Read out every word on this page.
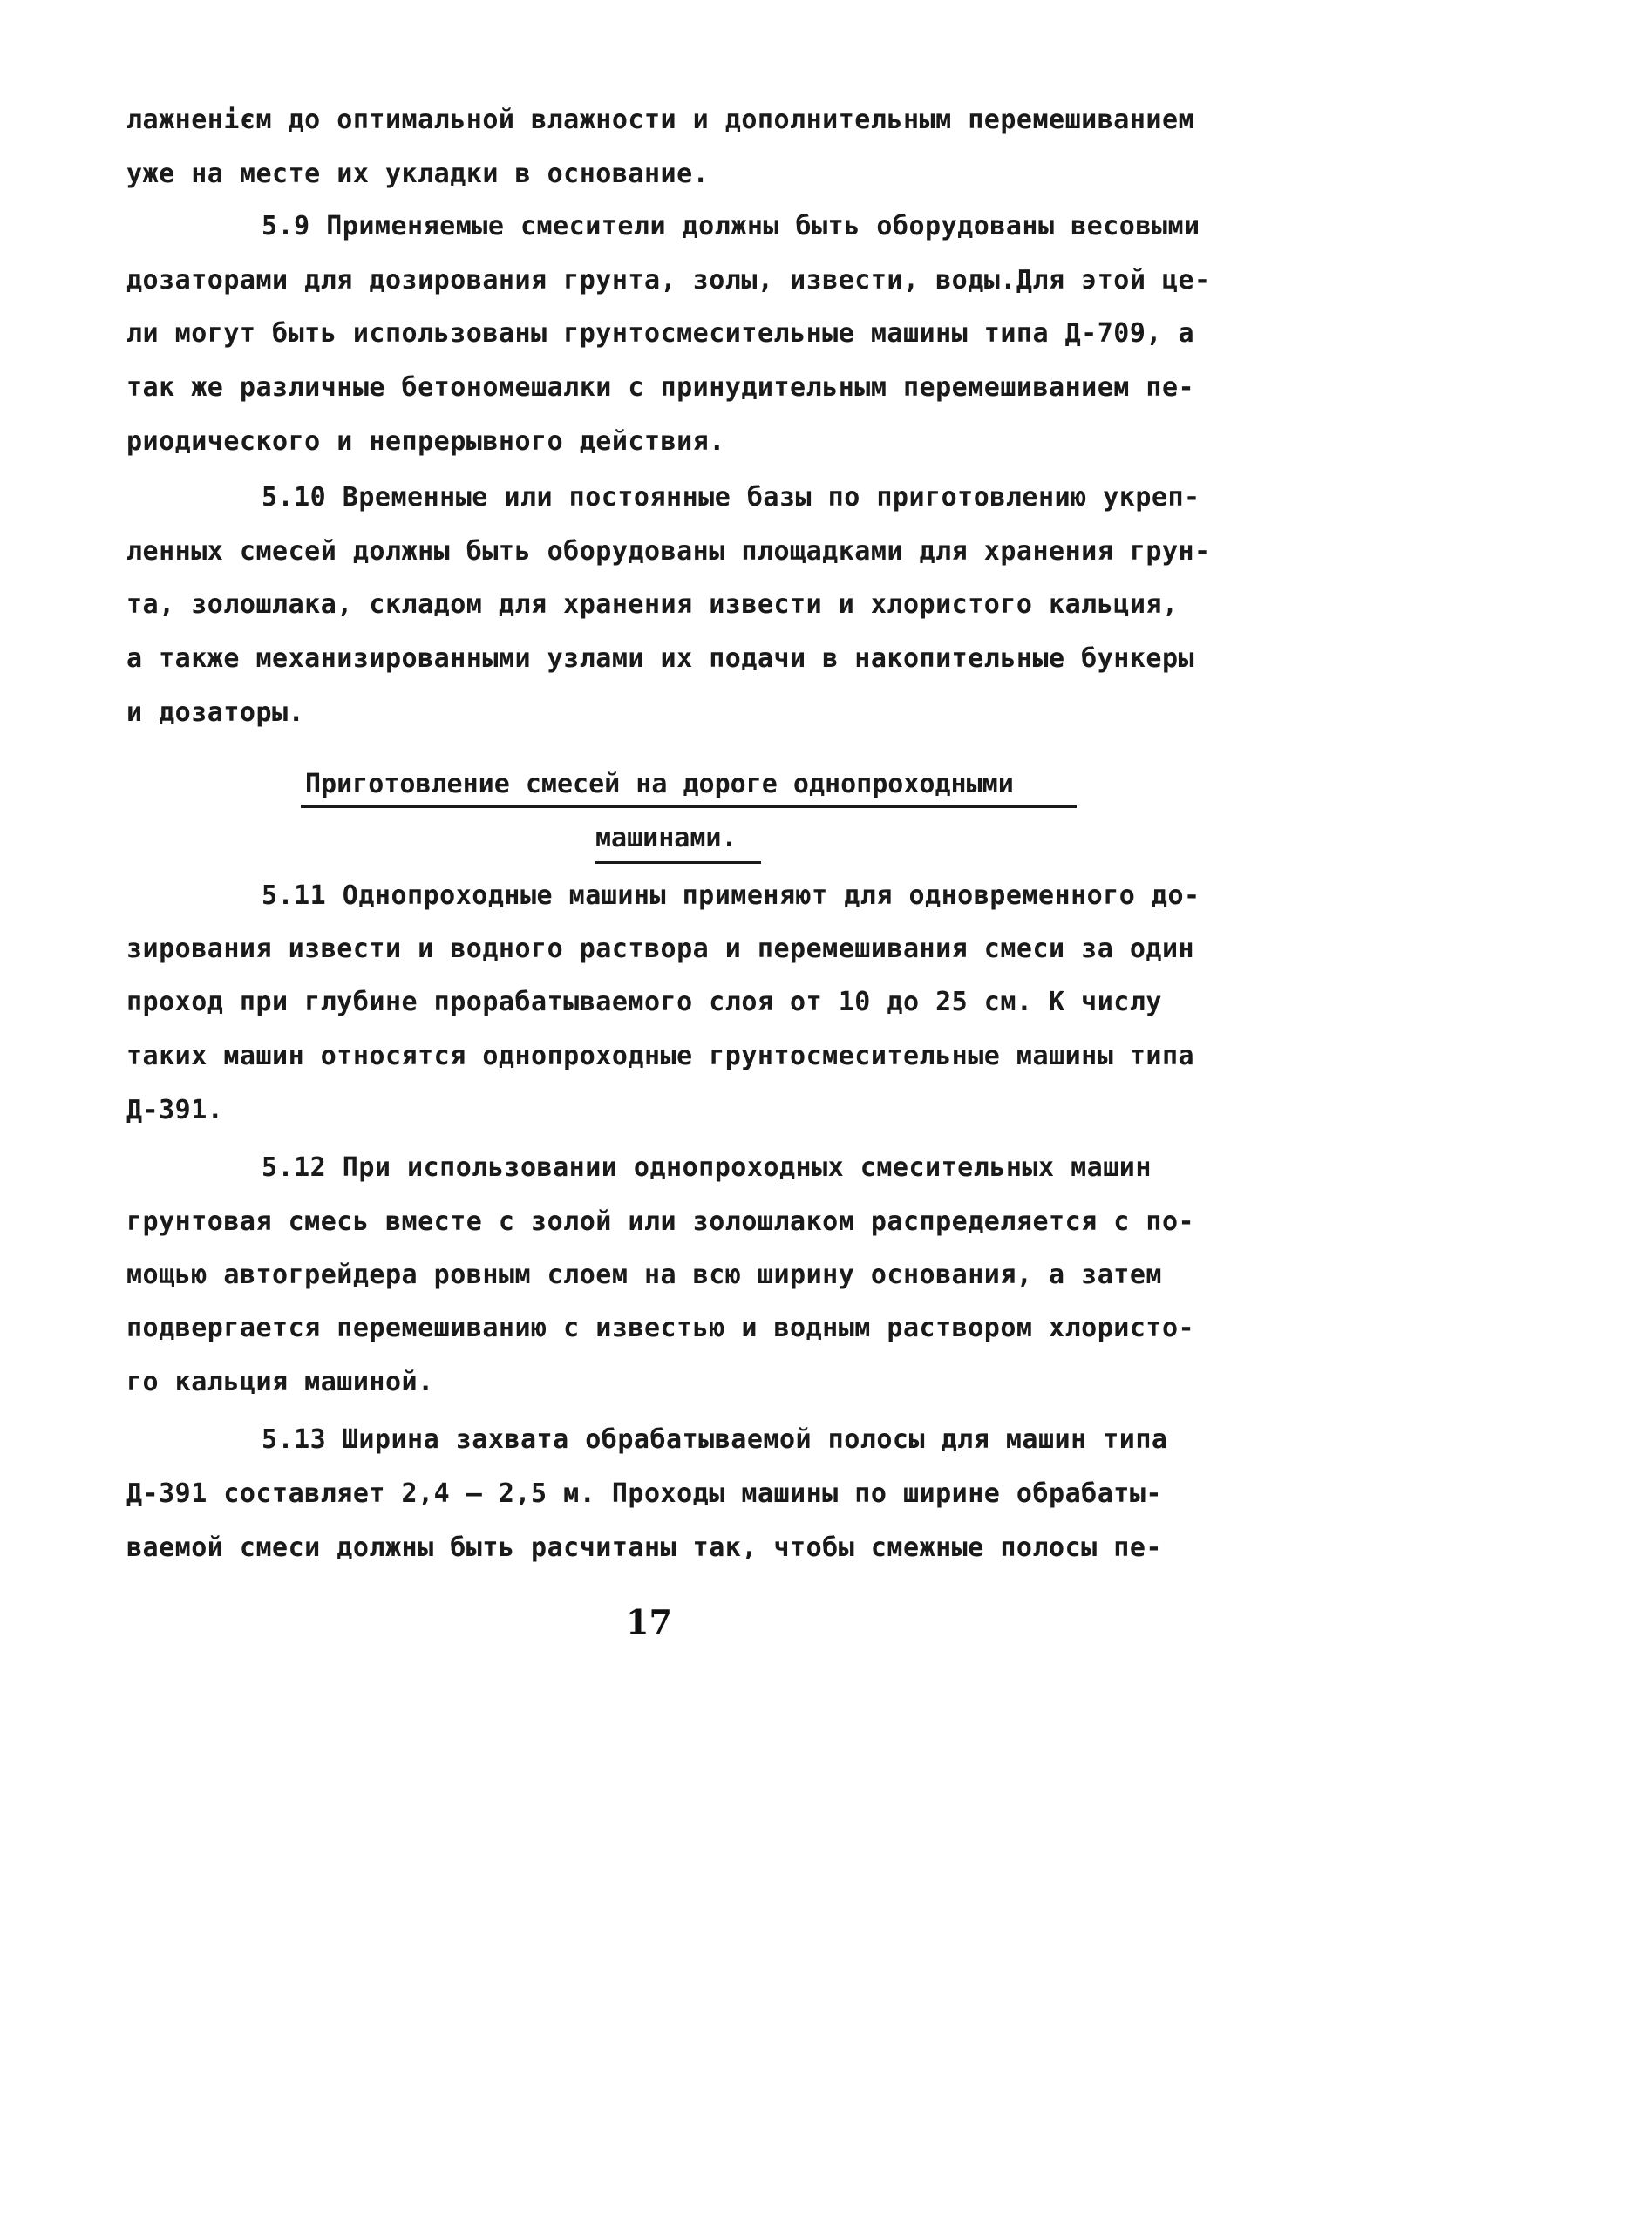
лажненієм до оптимальной влажности и дополнительным перемешиванием
уже на месте их укладки в основание.
5.9 Применяемые смесители должны быть оборудованы весовыми
дозаторами для дозирования грунта, золы, извести, воды.Для этой це-
ли могут быть использованы грунтосмесительные машины типа Д-709, а
так же различные бетономешалки с принудительным перемешиванием пе-
риодического и непрерывного действия.
5.10 Временные или постоянные базы по приготовлению укреп-
ленных смесей должны быть оборудованы площадками для хранения грун-
та, золошлака, складом для хранения извести и хлористого кальция,
а также механизированными узлами их подачи в накопительные бункеры
и дозаторы.
Приготовление смесей на дороге однопроходными
машинами.
5.11 Однопроходные машины применяют для одновременного до-
зирования извести и водного раствора и перемешивания смеси за один
проход при глубине прорабатываемого слоя от 10 до 25 см. К числу
таких машин относятся однопроходные грунтосмесительные машины типа
Д-391.
5.12 При использовании однопроходных смесительных машин
грунтовая смесь вместе с золой или золошлаком распределяется с по-
мощью автогрейдера ровным слоем на всю ширину основания, а затем
подвергается перемешиванию с известью и водным раствором хлористо-
го кальция машиной.
5.13 Ширина захвата обрабатываемой полосы для машин типа
Д-391 составляет 2,4 – 2,5 м. Проходы машины по ширине обрабаты-
ваемой смеси должны быть расчитаны так, чтобы смежные полосы пе-
17
